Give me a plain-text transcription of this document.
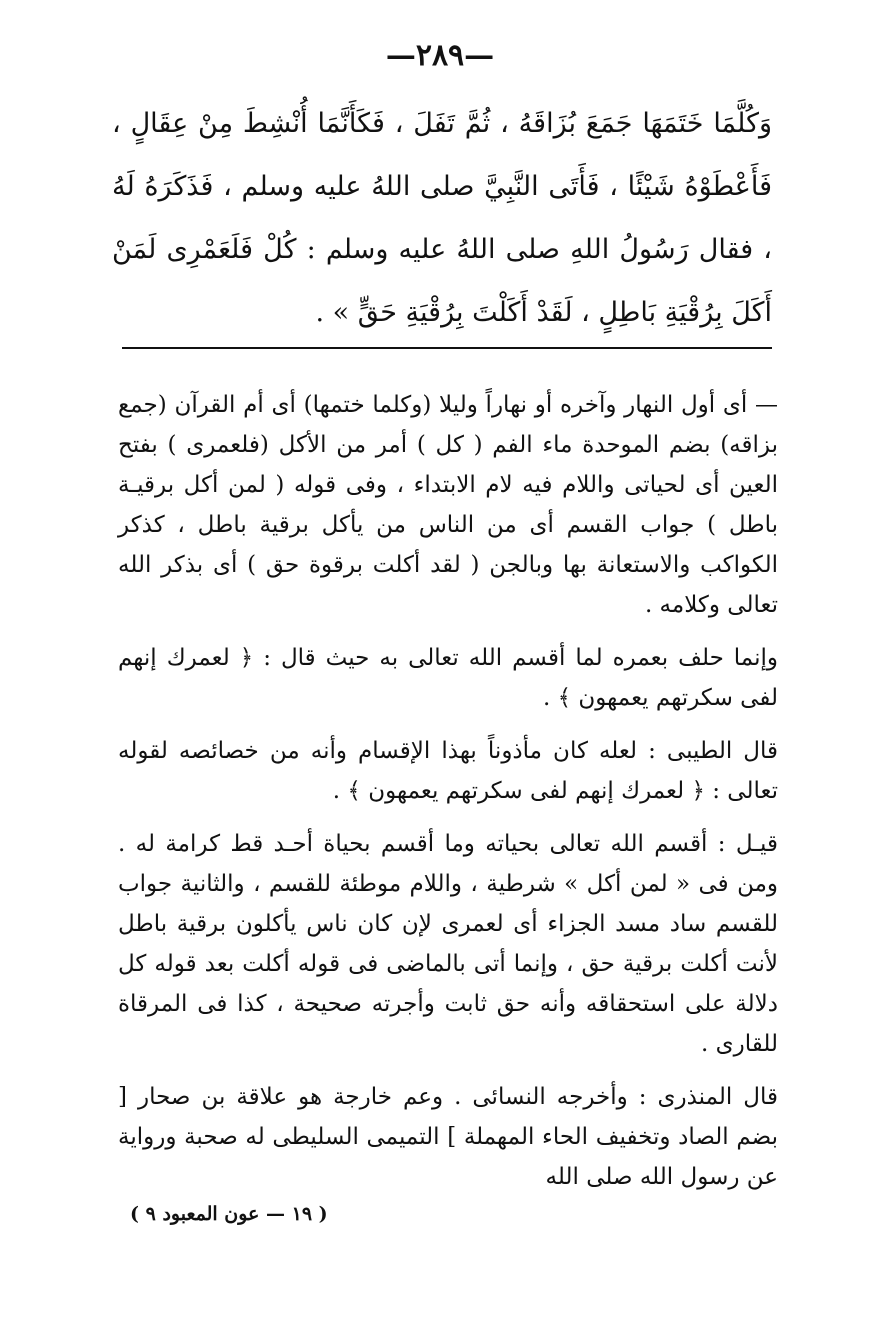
—٢٨٩—
وَكُلَّمَا خَتَمَهَا جَمَعَ بُزَاقَهُ ، ثُمَّ تَفَلَ ، فَكَأَنَّمَا أُنْشِطَ مِنْ عِقَالٍ ، فَأَعْطَوْهُ شَيْئًا ، فَأَتَى النَّبِيَّ صلى اللهُ عليه وسلم ، فَذَكَرَهُ لَهُ ، فقال رَسُولُ اللهِ صلى اللهُ عليه وسلم : كُلْ فَلَعَمْرِى لَمَنْ أَكَلَ بِرُقْيَةِ بَاطِلٍ ، لَقَدْ أَكَلْتَ بِرُقْيَةِ حَقٍّ » .

— أى أول النهار وآخره أو نهاراً وليلا (وكلما ختمها) أى أم القرآن (جمع بزاقه) بضم الموحدة ماء الفم ( كل ) أمر من الأكل (فلعمرى ) بفتح العين أى لحياتى واللام فيه لام الابتداء ، وفى قوله ( لمن أكل برقيـة باطل ) جواب القسم أى من الناس من يأكل برقية باطل ، كذكر الكواكب والاستعانة بها وبالجن ( لقد أكلت برقوة حق ) أى بذكر الله تعالى وكلامه .

وإنما حلف بعمره لما أقسم الله تعالى به حيث قال : ﴿ لعمرك إنهم لفى سكرتهم يعمهون ﴾ .

قال الطيبى : لعله كان مأذوناً بهذا الإقسام وأنه من خصائصه لقوله تعالى : ﴿ لعمرك إنهم لفى سكرتهم يعمهون ﴾ .

قيـل : أقسم الله تعالى بحياته وما أقسم بحياة أحـد قط كرامة له . ومن فى « لمن أكل » شرطية ، واللام موطئة للقسم ، والثانية جواب للقسم ساد مسد الجزاء أى لعمرى لإن كان ناس يأكلون برقية باطل لأنت أكلت برقية حق ، وإنما أتى بالماضى فى قوله أكلت بعد قوله كل دلالة على استحقاقه وأنه حق ثابت وأجرته صحيحة ، كذا فى المرقاة للقارى .

قال المنذرى : وأخرجه النسائى . وعم خارجة هو علاقة بن صحار [ بضم الصاد وتخفيف الحاء المهملة ] التميمى السليطى له صحبة ورواية عن رسول الله صلى الله

( ١٩ — عون المعبود ٩ )
